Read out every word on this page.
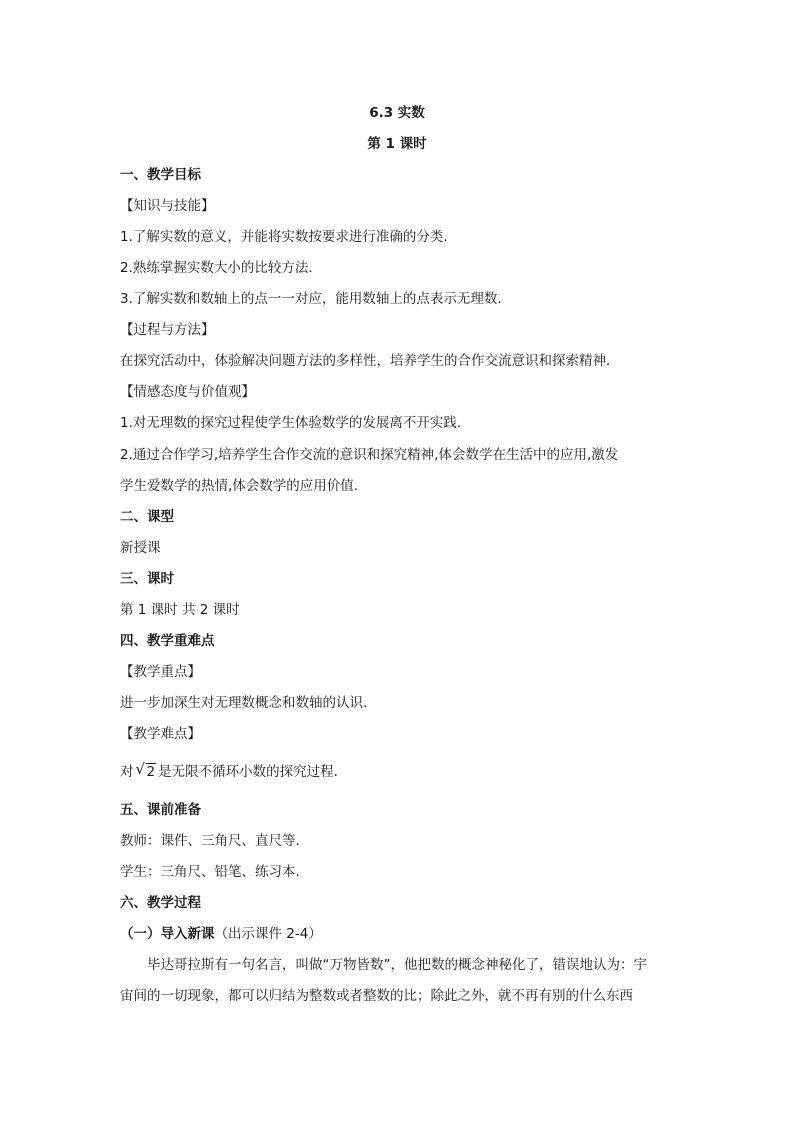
6.3 实数
第 1 课时
一、教学目标
【知识与技能】
1.了解实数的意义，并能将实数按要求进行准确的分类.
2.熟练掌握实数大小的比较方法.
3.了解实数和数轴上的点一一对应，能用数轴上的点表示无理数.
【过程与方法】
在探究活动中，体验解决问题方法的多样性，培养学生的合作交流意识和探索精神．
【情感态度与价值观】
1.对无理数的探究过程使学生体验数学的发展离不开实践．
2.通过合作学习,培养学生合作交流的意识和探究精神,体会数学在生活中的应用,激发
学生爱数学的热情,体会数学的应用价值.
二、课型
新授课
三、课时
第 1 课时 共 2 课时
四、教学重难点
【教学重点】
进一步加深生对无理数概念和数轴的认识．
【教学难点】
对 √ 2 是无限不循环小数的探究过程．
五、课前准备
教师：课件、三角尺、直尺等.
学生：三角尺、铅笔、练习本.
六、教学过程
（一）导入新课（出示课件 2-4）
毕达哥拉斯有一句名言，叫做“万物皆数”，他把数的概念神秘化了，错误地认为：宇
宙间的一切现象，都可以归结为整数或者整数的比；除此之外，就不再有别的什么东西
